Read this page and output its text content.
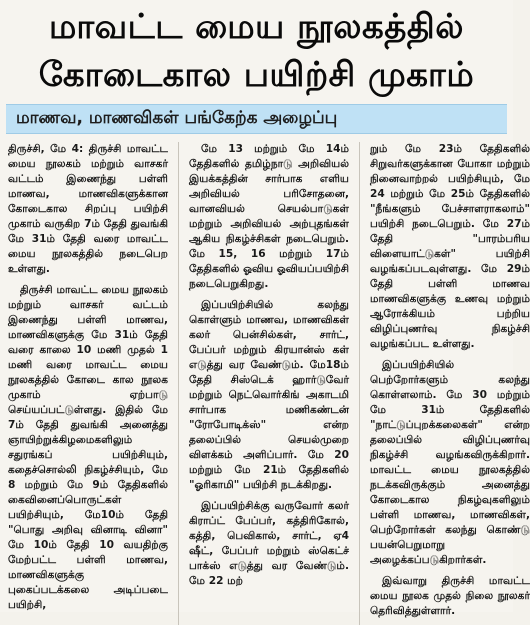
மாவட்ட மைய நூலகத்தில்
கோடைகால பயிற்சி முகாம்
மாணவ, மாணவிகள் பங்கேற்க அழைப்பு

திருச்சி, மே 4: திருச்சி மாவட்ட மைய நூலகம் மற்றும் வாசகர் வட்டம் இணைந்து பள்ளி மாணவ, மாணவிகளுக்கான கோடைகால சிறப்பு பயிற்சி முகாம் வருகிற 7ம் தேதி துவங்கி மே 31ம் தேதி வரை மாவட்ட மைய நூலகத்தில் நடைபெற உள்ளது.

திருச்சி மாவட்ட மைய நூலகம் மற்றும் வாசகர் வட்டம் இணைந்து பள்ளி மாணவ, மாணவிகளுக்கு மே 31ம் தேதி வரை காலை 10 மணி முதல் 1 மணி வரை மாவட்ட மைய நூலகத்தில் கோடை கால நூலக முகாம் ஏற்பாடு செய்யப்பட்டுள்ளது. இதில் மே 7ம் தேதி துவங்கி அனைத்து ஞாயிற்றுக்கிழமைகளிலும் சதுரங்கப் பயிற்சியும், கதைச்சொல்லி நிகழ்ச்சியும், மே 8 மற்றும் மே 9ம் தேதிகளில் கைவினைப்பொருட்கள் பயிற்சியும், மே10ம் தேதி "பொது அறிவு வினாடி வினா" மே 10ம் தேதி 10 வயதிற்கு மேற்பட்ட பள்ளி மாணவ, மாணவிகளுக்கு புகைப்படக்கலை அடிப்படை பயிற்சி,

மே 13 மற்றும் மே 14ம் தேதிகளில் தமிழ்நாடு அறிவியல் இயக்கத்தின் சார்பாக எளிய அறிவியல் பரிசோதனை, வானவியல் செயல்பாடுகள் மற்றும் அறிவியல் அற்புதங்கள் ஆகிய நிகழ்ச்சிகள் நடைபெறும். மே 15, 16 மற்றும் 17ம் தேதிகளில் ஓவிய ஓவியப்பயிற்சி நடைபெறுகிறது.

இப்பயிற்சியில் கலந்து கொள்ளும் மாணவ, மாணவிகள் கலர் பென்சில்கள், சார்ட், பேப்பர் மற்றும் கிரயான்ஸ் கள் எடுத்து வர வேண்டும். மே18ம் தேதி சிஸ்டெக் ஹார்டுவேர் மற்றும் நெட்வொர்கிங் அகாடமி சார்பாக மணிகண்டன் "ரோபோடிக்ஸ்" என்ற தலைப்பில் செயல்முறை விளக்கம் அளிப்பார். மே 20 மற்றும் மே 21ம் தேதிகளில் "ஓரிகாமி" பயிற்சி நடக்கிறது.

இப்பயிற்சிக்கு வருவோர் கலர் கிராப்ட் பேப்பர், கத்திரிகோல், கத்தி, பெவிகால், சார்ட், ஏ4 ஷீட், பேப்பர் மற்றும் ஸ்கெட்ச் பாக்ஸ் எடுத்து வர வேண்டும். மே 22 மற்

றும் மே 23ம் தேதிகளில் சிறுவர்களுக்கான யோகா மற்றும் நினைவாற்றல் பயிற்சியும், மே 24 மற்றும் மே 25ம் தேதிகளில் "நீங்களும் பேச்சாளராகலாம்" பயிற்சி நடைபெறும். மே 27ம் தேதி "பாரம்பரிய விளையாட்டுகள்" பயிற்சி வழங்கப்படவுள்ளது. மே 29ம் தேதி பள்ளி மாணவ மாணவிகளுக்கு உணவு மற்றும் ஆரோக்கியம் பற்றிய விழிப்புணர்வு நிகழ்ச்சி வழங்கப்பட உள்ளது.

இப்பயிற்சியில் பெற்றோர்களும் கலந்து கொள்ளலாம். மே 30 மற்றும் மே 31ம் தேதிகளில் "நாட்டுப்புறக்கலைகள்" என்ற தலைப்பில் விழிப்புணர்வு நிகழ்ச்சி வழங்கவிருக்கிறார். மாவட்ட மைய நூலகத்தில் நடக்கவிருக்கும் அனைத்து கோடைகால நிகழ்வுகளிலும் பள்ளி மாணவ, மாணவிகள், பெற்றோர்கள் கலந்து கொண்டு பயன்பெறுமாறு அழைக்கப்படுகிறார்கள்.

இவ்வாறு திருச்சி மாவட்ட மைய நூலக முதல் நிலை நூலகர் தெரிவித்துள்ளார்.
